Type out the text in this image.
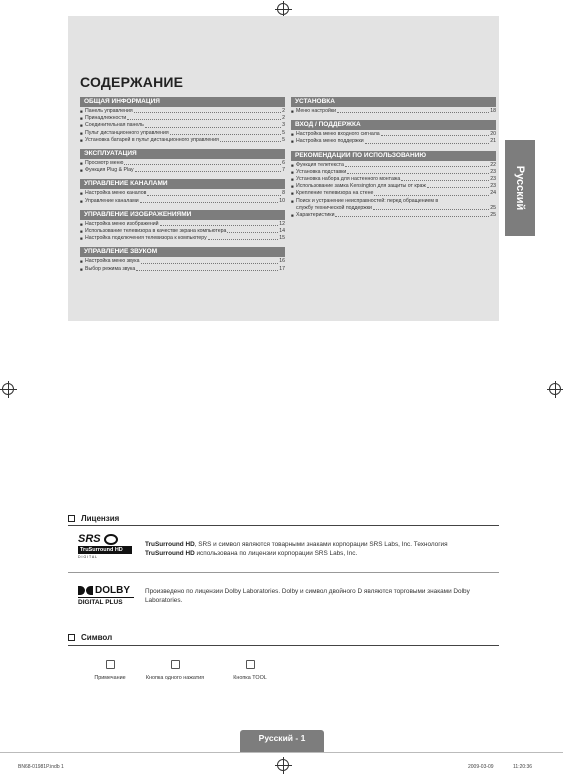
СОДЕРЖАНИЕ
ОБЩАЯ ИНФОРМАЦИЯ
■ Панель управления	2
■ Принадлежности	2
■ Соединительная панель	3
■ Пульт дистанционного управления	5
■ Установка батарей в пульт дистанционного управления	5
ЭКСПЛУАТАЦИЯ
■ Просмотр меню	6
■ Функция Plug & Play	7
УПРАВЛЕНИЕ КАНАЛАМИ
■ Настройка меню каналов	8
■ Управление каналами	10
УПРАВЛЕНИЕ ИЗОБРАЖЕНИЯМИ
■ Настройка меню изображений	12
■ Использование телевизора в качестве экрана компьютера	14
■ Настройка подключения телевизора к компьютеру	15
УПРАВЛЕНИЕ ЗВУКОМ
■ Настройка меню звука	16
■ Выбор режима звука	17
УСТАНОВКА
■ Меню настройки	18
ВХОД / ПОДДЕРЖКА
■ Настройка меню входного сигнала	20
■ Настройка меню поддержки	21
РЕКОМЕНДАЦИИ ПО ИСПОЛЬЗОВАНИЮ
■ Функция телетекста	22
■ Установка подставки	23
■ Установка набора для настенного монтажа	23
■ Использование замка Kensington для защиты от краж	23
■ Крепление телевизора на стене	24
■ Поиск и устранение неисправностей: перед обращением в
службу технической поддержки	25
■ Характеристики	25
Русский
Лицензия
SRS
TruSurround HD
D I G I T A L
TruSurround HD, SRS и символ являются товарными знаками корпорации SRS Labs, Inc. Технология
TruSurround HD использована по лицензии корпорации SRS Labs, Inc.
DOLBY
DIGITAL PLUS
Произведено по лицензии Dolby Laboratories. Dolby и символ двойного D являются торговыми знаками Dolby Laboratories.
Символ
Примечание	Кнопка одного нажатия	Кнопка TOOL
Русский - 1
BN68-01981P.indb 1	2009-03-09	11:20:36
